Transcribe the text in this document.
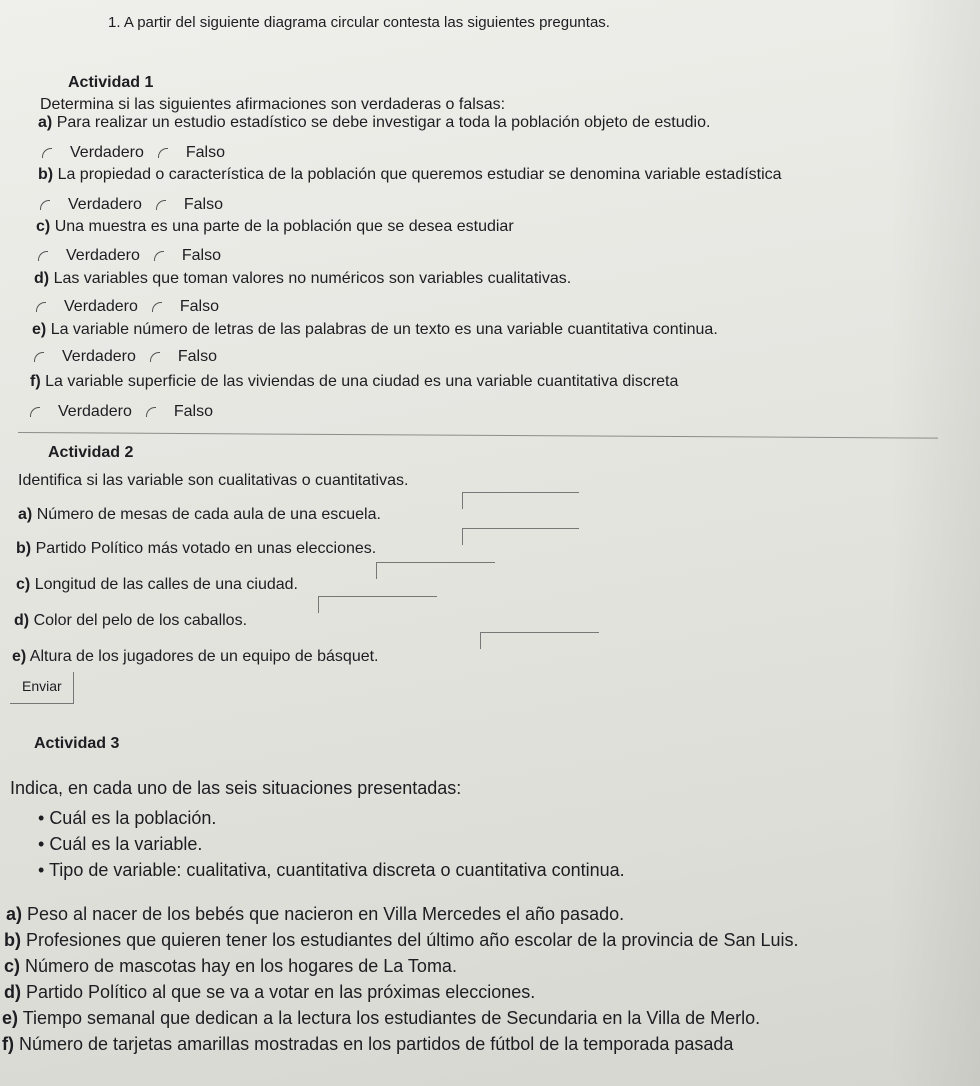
1. A partir del siguiente diagrama circular contesta las siguientes preguntas.
Actividad 1
Determina si las siguientes afirmaciones son verdaderas o falsas:
a) Para realizar un estudio estadístico se debe investigar a toda la población objeto de estudio.
Verdadero	Falso
b) La propiedad o característica de la población que queremos estudiar se denomina variable estadística
Verdadero	Falso
c) Una muestra es una parte de la población que se desea estudiar
Verdadero	Falso
d) Las variables que toman valores no numéricos son variables cualitativas.
Verdadero	Falso
e) La variable número de letras de las palabras de un texto es una variable cuantitativa continua.
Verdadero	Falso
f) La variable superficie de las viviendas de una ciudad es una variable cuantitativa discreta
Verdadero	Falso
Actividad 2
Identifica si las variable son cualitativas o cuantitativas.
a) Número de mesas de cada aula de una escuela.
b) Partido Político más votado en unas elecciones.
c) Longitud de las calles de una ciudad.
d) Color del pelo de los caballos.
e) Altura de los jugadores de un equipo de básquet.
Enviar
Actividad 3
Indica, en cada uno de las seis situaciones presentadas:
• Cuál es la población.
• Cuál es la variable.
• Tipo de variable: cualitativa, cuantitativa discreta o cuantitativa continua.
a) Peso al nacer de los bebés que nacieron en Villa Mercedes el año pasado.
b) Profesiones que quieren tener los estudiantes del último año escolar de la provincia de San Luis.
c) Número de mascotas hay en los hogares de La Toma.
d) Partido Político al que se va a votar en las próximas elecciones.
e) Tiempo semanal que dedican a la lectura los estudiantes de Secundaria en la Villa de Merlo.
f) Número de tarjetas amarillas mostradas en los partidos de fútbol de la temporada pasada
